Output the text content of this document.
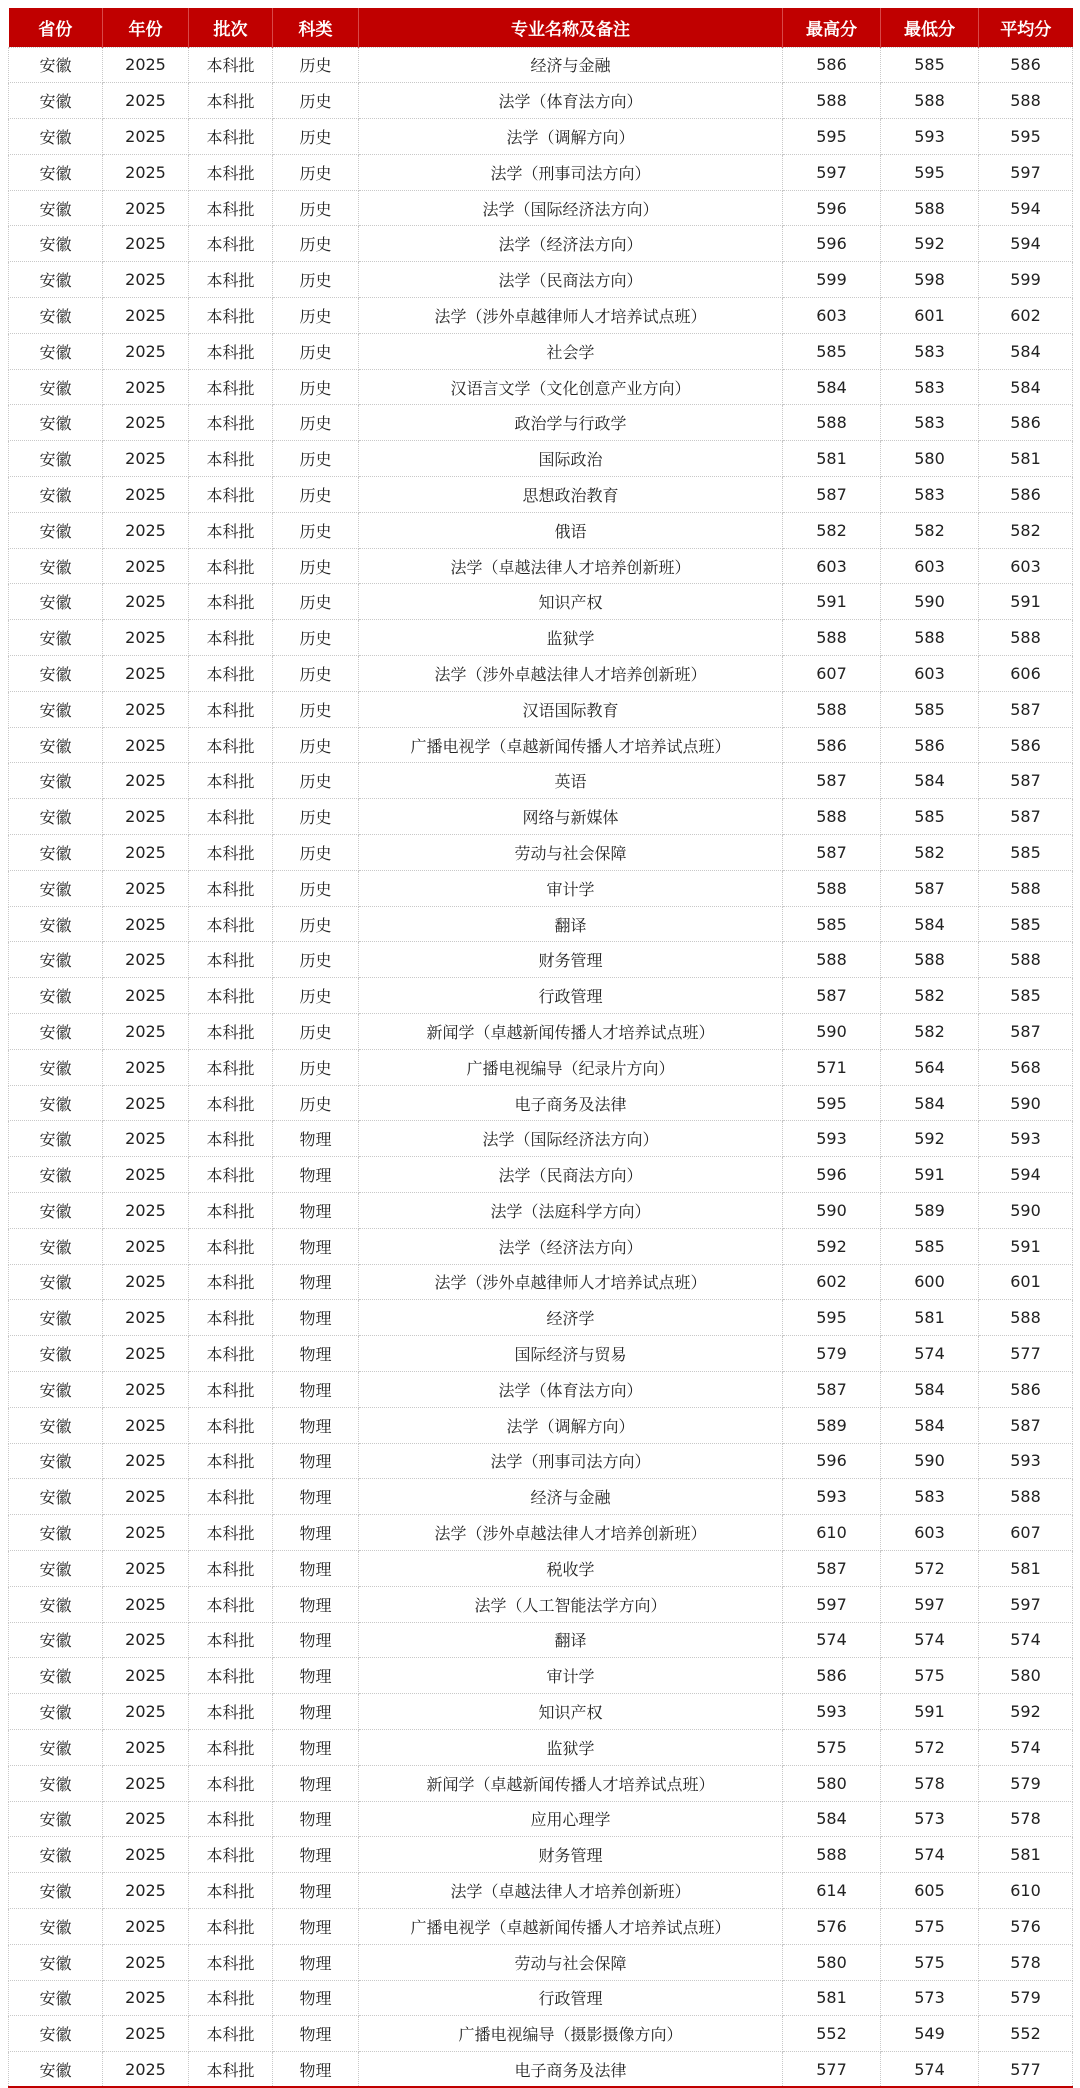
省份	年份	批次	科类	专业名称及备注	最高分	最低分	平均分
安徽	2025	本科批	历史	经济与金融	586	585	586
安徽	2025	本科批	历史	法学（体育法方向）	588	588	588
安徽	2025	本科批	历史	法学（调解方向）	595	593	595
安徽	2025	本科批	历史	法学（刑事司法方向）	597	595	597
安徽	2025	本科批	历史	法学（国际经济法方向）	596	588	594
安徽	2025	本科批	历史	法学（经济法方向）	596	592	594
安徽	2025	本科批	历史	法学（民商法方向）	599	598	599
安徽	2025	本科批	历史	法学（涉外卓越律师人才培养试点班）	603	601	602
安徽	2025	本科批	历史	社会学	585	583	584
安徽	2025	本科批	历史	汉语言文学（文化创意产业方向）	584	583	584
安徽	2025	本科批	历史	政治学与行政学	588	583	586
安徽	2025	本科批	历史	国际政治	581	580	581
安徽	2025	本科批	历史	思想政治教育	587	583	586
安徽	2025	本科批	历史	俄语	582	582	582
安徽	2025	本科批	历史	法学（卓越法律人才培养创新班）	603	603	603
安徽	2025	本科批	历史	知识产权	591	590	591
安徽	2025	本科批	历史	监狱学	588	588	588
安徽	2025	本科批	历史	法学（涉外卓越法律人才培养创新班）	607	603	606
安徽	2025	本科批	历史	汉语国际教育	588	585	587
安徽	2025	本科批	历史	广播电视学（卓越新闻传播人才培养试点班）	586	586	586
安徽	2025	本科批	历史	英语	587	584	587
安徽	2025	本科批	历史	网络与新媒体	588	585	587
安徽	2025	本科批	历史	劳动与社会保障	587	582	585
安徽	2025	本科批	历史	审计学	588	587	588
安徽	2025	本科批	历史	翻译	585	584	585
安徽	2025	本科批	历史	财务管理	588	588	588
安徽	2025	本科批	历史	行政管理	587	582	585
安徽	2025	本科批	历史	新闻学（卓越新闻传播人才培养试点班）	590	582	587
安徽	2025	本科批	历史	广播电视编导（纪录片方向）	571	564	568
安徽	2025	本科批	历史	电子商务及法律	595	584	590
安徽	2025	本科批	物理	法学（国际经济法方向）	593	592	593
安徽	2025	本科批	物理	法学（民商法方向）	596	591	594
安徽	2025	本科批	物理	法学（法庭科学方向）	590	589	590
安徽	2025	本科批	物理	法学（经济法方向）	592	585	591
安徽	2025	本科批	物理	法学（涉外卓越律师人才培养试点班）	602	600	601
安徽	2025	本科批	物理	经济学	595	581	588
安徽	2025	本科批	物理	国际经济与贸易	579	574	577
安徽	2025	本科批	物理	法学（体育法方向）	587	584	586
安徽	2025	本科批	物理	法学（调解方向）	589	584	587
安徽	2025	本科批	物理	法学（刑事司法方向）	596	590	593
安徽	2025	本科批	物理	经济与金融	593	583	588
安徽	2025	本科批	物理	法学（涉外卓越法律人才培养创新班）	610	603	607
安徽	2025	本科批	物理	税收学	587	572	581
安徽	2025	本科批	物理	法学（人工智能法学方向）	597	597	597
安徽	2025	本科批	物理	翻译	574	574	574
安徽	2025	本科批	物理	审计学	586	575	580
安徽	2025	本科批	物理	知识产权	593	591	592
安徽	2025	本科批	物理	监狱学	575	572	574
安徽	2025	本科批	物理	新闻学（卓越新闻传播人才培养试点班）	580	578	579
安徽	2025	本科批	物理	应用心理学	584	573	578
安徽	2025	本科批	物理	财务管理	588	574	581
安徽	2025	本科批	物理	法学（卓越法律人才培养创新班）	614	605	610
安徽	2025	本科批	物理	广播电视学（卓越新闻传播人才培养试点班）	576	575	576
安徽	2025	本科批	物理	劳动与社会保障	580	575	578
安徽	2025	本科批	物理	行政管理	581	573	579
安徽	2025	本科批	物理	广播电视编导（摄影摄像方向）	552	549	552
安徽	2025	本科批	物理	电子商务及法律	577	574	577
